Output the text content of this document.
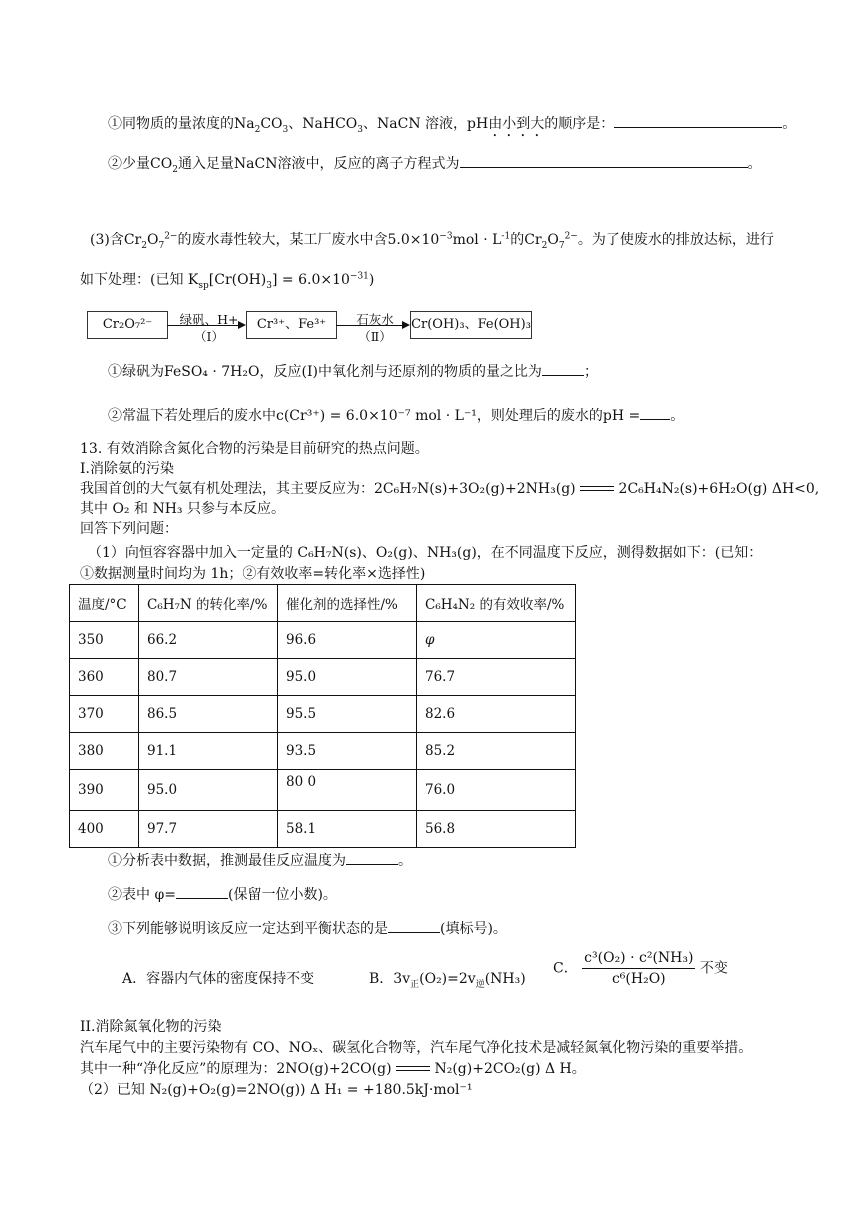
①同物质的量浓度的$Na_2CO_3$、NaHCO$_3$、NaCN 溶液，pH由小到大的顺序是：	。
②少量$CO_2$通入足量NaCN溶液中，反应的离子方程式为	。
(3)含$Cr_2O_7^{2-}$的废水毒性较大，某工厂废水中含$5.0\times 10^{-3}mol \cdot L^{-1}$的$Cr_2O_7^{2-}$。为了使废水的排放达标，进行
如下处理：(已知 $K_{sp}[Cr(OH)_3] = 6.0\times 10^{-31}$)
Cr₂O₇²⁻	绿矾、H+
（Ⅰ）
Cr³⁺、Fe³⁺	石灰水
（Ⅱ）
Cr(OH)₃、Fe(OH)₃
①绿矾为FeSO₄ · 7H₂O，反应(Ⅰ)中氧化剂与还原剂的物质的量之比为	；
②常温下若处理后的废水中c(Cr³⁺) = 6.0×10⁻⁷ mol · L⁻¹，则处理后的废水的pH = 。
13. 有效消除含氮化合物的污染是目前研究的热点问题。
I.消除氨的污染
我国首创的大气氨有机处理法，其主要反应为：2C₆H₇N(s)+3O₂(g)+2NH₃(g)	2C₆H₄N₂(s)+6H₂O(g) ΔH<0,
其中 O₂ 和 NH₃ 只参与本反应。
回答下列问题：
（1）向恒容容器中加入一定量的 C₆H₇N(s)、O₂(g)、NH₃(g)，在不同温度下反应，测得数据如下：(已知：
①数据测量时间均为 1h；②有效收率=转化率×选择性)
温度/°C	C₆H₇N 的转化率/%	催化剂的选择性/%	C₆H₄N₂ 的有效收率/%
350	66.2	96.6	φ
360	80.7	95.0	76.7
370	86.5	95.5	82.6
380	91.1	93.5	85.2
390	95.0	80 0	76.0
400	97.7	58.1	56.8
①分析表中数据，推测最佳反应温度为	。
②表中 φ=	(保留一位小数)。
③下列能够说明该反应一定达到平衡状态的是	(填标号)。
A．容器内气体的密度保持不变	B．$3v_正(O_2)=2v_逆(NH_3)$
C． $\frac{\text{c³(O₂) · c²(NH₃)}}{\text{c⁶(H₂O)}}$ 不变
II.消除氮氧化物的污染
汽车尾气中的主要污染物有 CO、NOₓ、碳氢化合物等，汽车尾气净化技术是减轻氮氧化物污染的重要举措。
其中一种“净化反应”的原理为：2NO(g)+2CO(g)	N₂(g)+2CO₂(g) Δ H。
（2）已知 N₂(g)+O₂(g)=2NO(g)) Δ H₁ = +180.5kJ·mol⁻¹
